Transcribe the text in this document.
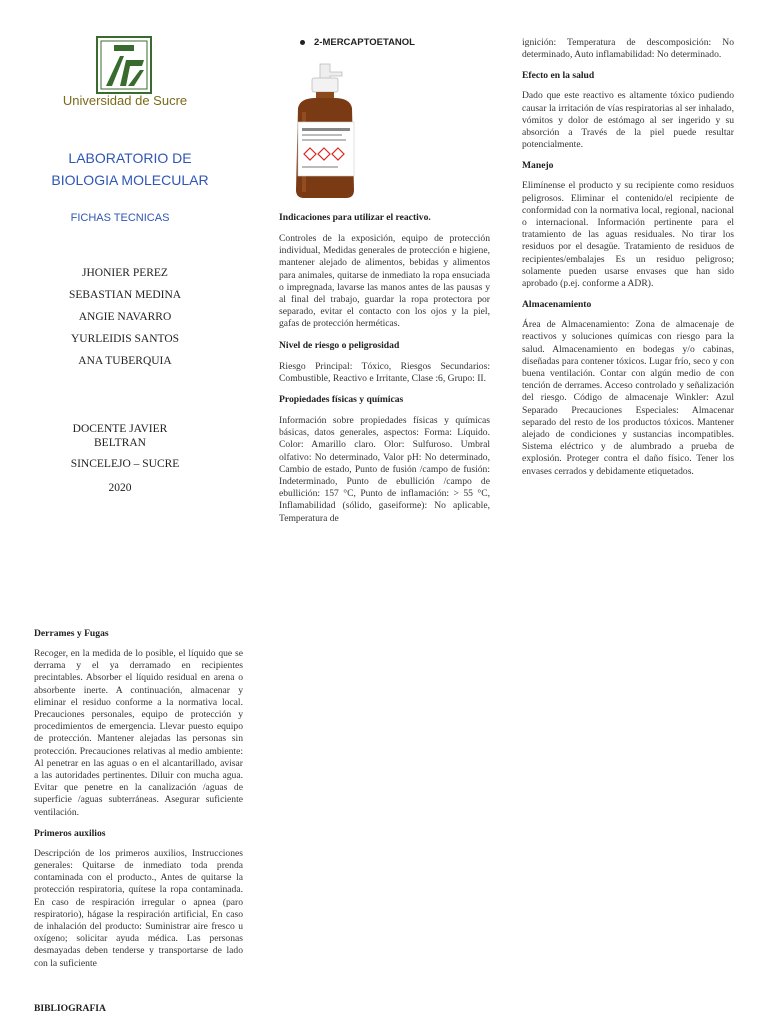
Universidad de Sucre
LABORATORIO DE
BIOLOGIA MOLECULAR
FICHAS TECNICAS
JHONIER PEREZ
SEBASTIAN MEDINA
ANGIE NAVARRO
YURLEIDIS SANTOS
ANA TUBERQUIA
DOCENTE JAVIER
BELTRAN
SINCELEJO – SUCRE
2020

Derrames y Fugas

Recoger, en la medida de lo posible, el líquido que se derrama y el ya derramado en recipientes precintables. Absorber el líquido residual en arena o absorbente inerte. A continuación, almacenar y eliminar el residuo conforme a la normativa local. Precauciones personales, equipo de protección y procedimientos de emergencia. Llevar puesto equipo de protección. Mantener alejadas las personas sin protección. Precauciones relativas al medio ambiente: Al penetrar en las aguas o en el alcantarillado, avisar a las autoridades pertinentes. Diluir con mucha agua. Evitar que penetre en la canalización /aguas de superficie /aguas subterráneas. Asegurar suficiente ventilación.

Primeros auxilios

Descripción de los primeros auxilios, Instrucciones generales: Quitarse de inmediato toda prenda contaminada con el producto., Antes de quitarse la protección respiratoria, quítese la ropa contaminada. En caso de respiración irregular o apnea (paro respiratorio), hágase la respiración artificial, En caso de inhalación del producto: Suministrar aire fresco u oxígeno; solicitar ayuda médica. Las personas desmayadas deben tenderse y transportarse de lado con la suficiente

BIBLIOGRAFIA
2-MERCAPTOETANOL

Indicaciones para utilizar el reactivo.

Controles de la exposición, equipo de protección individual, Medidas generales de protección e higiene, mantener alejado de alimentos, bebidas y alimentos para animales, quitarse de inmediato la ropa ensuciada o impregnada, lavarse las manos antes de las pausas y al final del trabajo, guardar la ropa protectora por separado, evitar el contacto con los ojos y la piel, gafas de protección herméticas.

Nivel de riesgo o peligrosidad

Riesgo Principal: Tóxico, Riesgos Secundarios: Combustible, Reactivo e Irritante, Clase :6, Grupo: II.

Propiedades físicas y químicas

Información sobre propiedades físicas y químicas básicas, datos generales, aspectos: Forma: Líquido. Color: Amarillo claro. Olor: Sulfuroso. Umbral olfativo: No determinado, Valor pH: No determinado, Cambio de estado, Punto de fusión /campo de fusión: Indeterminado, Punto de ebullición /campo de ebullición: 157 °C, Punto de inflamación: > 55 °C, Inflamabilidad (sólido, gaseiforme): No aplicable, Temperatura de

ignición: Temperatura de descomposición: No determinado, Auto inflamabilidad: No determinado.

Efecto en la salud

Dado que este reactivo es altamente tóxico pudiendo causar la irritación de vías respiratorias al ser inhalado, vómitos y dolor de estómago al ser ingerido y su absorción a Través de la piel puede resultar potencialmente.

Manejo

Elimínense el producto y su recipiente como residuos peligrosos. Eliminar el contenido/el recipiente de conformidad con la normativa local, regional, nacional o internacional. Información pertinente para el tratamiento de las aguas residuales. No tirar los residuos por el desagüe. Tratamiento de residuos de recipientes/embalajes Es un residuo peligroso; solamente pueden usarse envases que han sido aprobado (p.ej. conforme a ADR).

Almacenamiento

Área de Almacenamiento: Zona de almacenaje de reactivos y soluciones químicas con riesgo para la salud. Almacenamiento en bodegas y/o cabinas, diseñadas para contener tóxicos. Lugar frío, seco y con buena ventilación. Contar con algún medio de con tención de derrames. Acceso controlado y señalización del riesgo. Código de almacenaje Winkler: Azul Separado Precauciones Especiales: Almacenar separado del resto de los productos tóxicos. Mantener alejado de condiciones y sustancias incompatibles. Sistema eléctrico y de alumbrado a prueba de explosión. Proteger contra el daño físico. Tener los envases cerrados y debidamente etiquetados.
